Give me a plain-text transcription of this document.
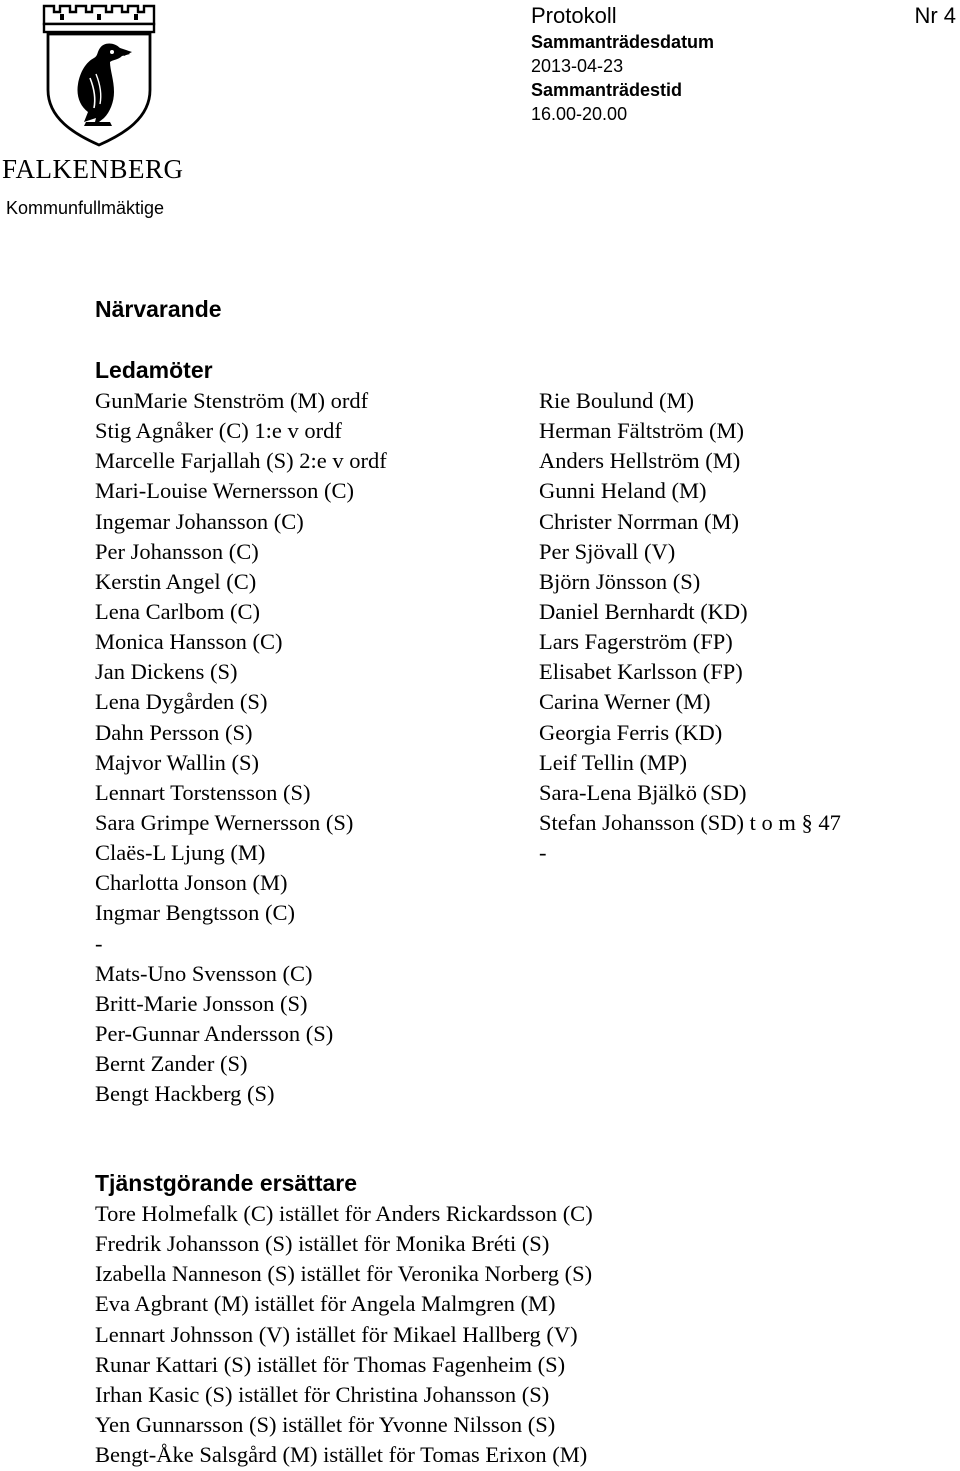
FALKENBERG
Kommunfullmäktige
Protokoll
Sammanträdesdatum
2013-04-23
Sammanträdestid
16.00-20.00
Nr 4
Närvarande
Ledamöter
GunMarie Stenström (M) ordf
Stig Agnåker (C) 1:e v ordf
Marcelle Farjallah (S) 2:e v ordf
Mari-Louise Wernersson (C)
Ingemar Johansson (C)
Per Johansson (C)
Kerstin Angel (C)
Lena Carlbom (C)
Monica Hansson (C)
Jan Dickens (S)
Lena Dygården (S)
Dahn Persson (S)
Majvor Wallin (S)
Lennart Torstensson (S)
Sara Grimpe Wernersson (S)
Claës-L Ljung (M)
Charlotta Jonson (M)
Ingmar Bengtsson (C)
-
Mats-Uno Svensson (C)
Britt-Marie Jonsson (S)
Per-Gunnar Andersson (S)
Bernt Zander (S)
Bengt Hackberg (S)
Rie Boulund (M)
Herman Fältström (M)
Anders Hellström (M)
Gunni Heland (M)
Christer Norrman (M)
Per Sjövall (V)
Björn Jönsson (S)
Daniel Bernhardt (KD)
Lars Fagerström (FP)
Elisabet Karlsson (FP)
Carina Werner (M)
Georgia Ferris (KD)
Leif Tellin (MP)
Sara-Lena Bjälkö (SD)
Stefan Johansson (SD) t o m § 47
-
Tjänstgörande ersättare
Tore Holmefalk (C) istället för Anders Rickardsson (C)
Fredrik Johansson (S) istället för Monika Bréti (S)
Izabella Nanneson (S) istället för Veronika Norberg (S)
Eva Agbrant (M) istället för Angela Malmgren (M)
Lennart Johnsson (V) istället för Mikael Hallberg (V)
Runar Kattari (S) istället för Thomas Fagenheim (S)
Irhan Kasic (S) istället för Christina Johansson (S)
Yen Gunnarsson (S) istället för Yvonne Nilsson (S)
Bengt-Åke Salsgård (M) istället för Tomas Erixon (M)
